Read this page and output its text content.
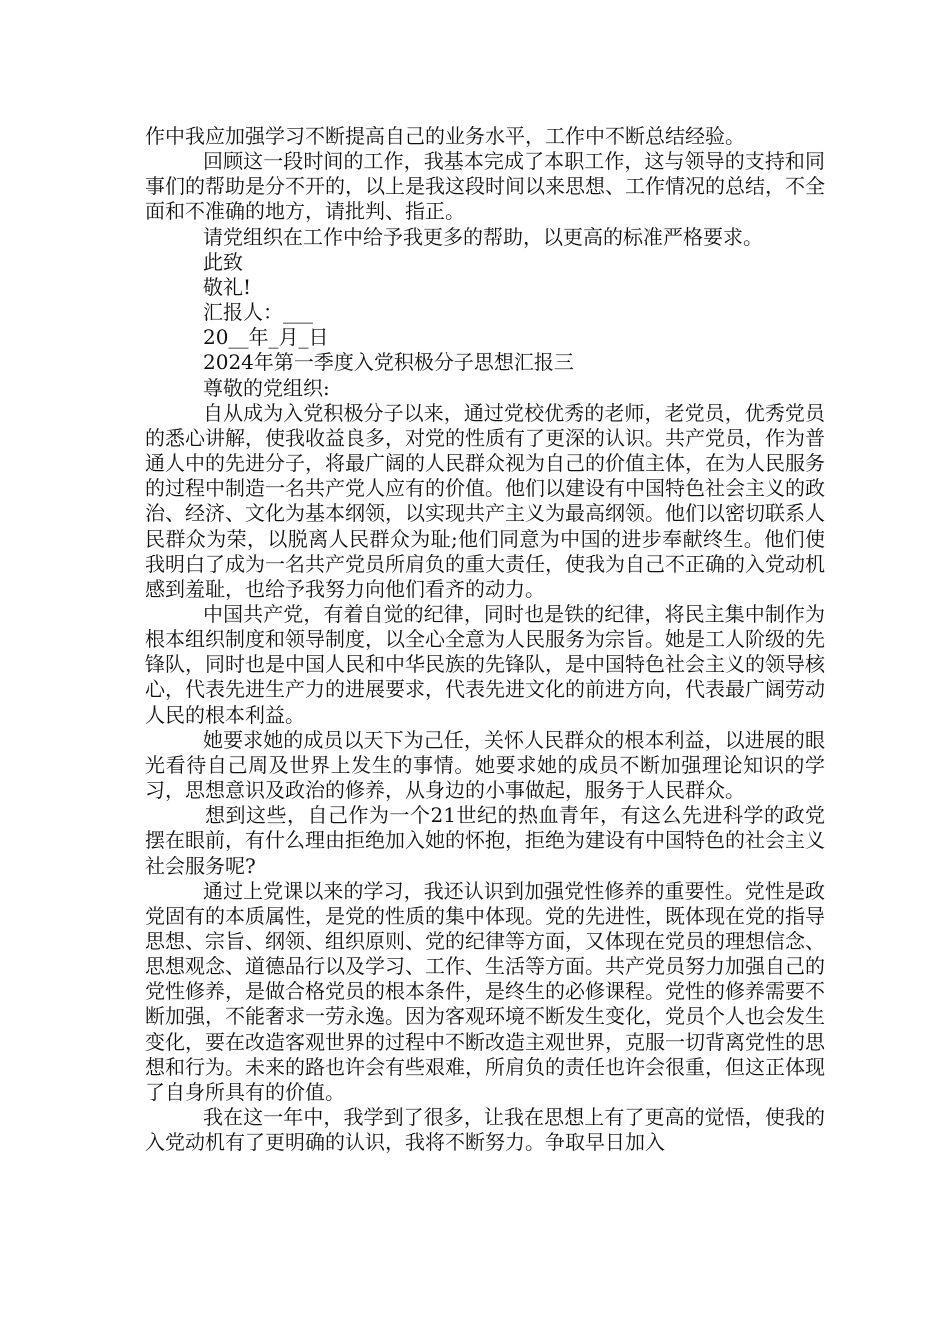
作中我应加强学习不断提高自己的业务水平，工作中不断总结经验。

回顾这一段时间的工作，我基本完成了本职工作，这与领导的支持和同事们的帮助是分不开的，以上是我这段时间以来思想、工作情况的总结，不全面和不准确的地方，请批判、指正。

请党组织在工作中给予我更多的帮助，以更高的标准严格要求。

此致

敬礼!

汇报人：___

20__年_月_日

2024年第一季度入党积极分子思想汇报三

尊敬的党组织:

自从成为入党积极分子以来，通过党校优秀的老师，老党员，优秀党员的悉心讲解，使我收益良多，对党的性质有了更深的认识。共产党员，作为普通人中的先进分子，将最广阔的人民群众视为自己的价值主体，在为人民服务的过程中制造一名共产党人应有的价值。他们以建设有中国特色社会主义的政治、经济、文化为基本纲领，以实现共产主义为最高纲领。他们以密切联系人民群众为荣，以脱离人民群众为耻;他们同意为中国的进步奉献终生。他们使我明白了成为一名共产党员所肩负的重大责任，使我为自己不正确的入党动机感到羞耻，也给予我努力向他们看齐的动力。

中国共产党，有着自觉的纪律，同时也是铁的纪律，将民主集中制作为根本组织制度和领导制度，以全心全意为人民服务为宗旨。她是工人阶级的先锋队，同时也是中国人民和中华民族的先锋队，是中国特色社会主义的领导核心，代表先进生产力的进展要求，代表先进文化的前进方向，代表最广阔劳动人民的根本利益。

她要求她的成员以天下为己任，关怀人民群众的根本利益，以进展的眼光看待自己周及世界上发生的事情。她要求她的成员不断加强理论知识的学习，思想意识及政治的修养，从身边的小事做起，服务于人民群众。

想到这些，自己作为一个21世纪的热血青年，有这么先进科学的政党摆在眼前，有什么理由拒绝加入她的怀抱，拒绝为建设有中国特色的社会主义社会服务呢?

通过上党课以来的学习，我还认识到加强党性修养的重要性。党性是政党固有的本质属性，是党的性质的集中体现。党的先进性，既体现在党的指导思想、宗旨、纲领、组织原则、党的纪律等方面，又体现在党员的理想信念、思想观念、道德品行以及学习、工作、生活等方面。共产党员努力加强自己的党性修养，是做合格党员的根本条件，是终生的必修课程。党性的修养需要不断加强，不能奢求一劳永逸。因为客观环境不断发生变化，党员个人也会发生变化，要在改造客观世界的过程中不断改造主观世界，克服一切背离党性的思想和行为。未来的路也许会有些艰难，所肩负的责任也许会很重，但这正体现了自身所具有的价值。

我在这一年中，我学到了很多，让我在思想上有了更高的觉悟，使我的入党动机有了更明确的认识，我将不断努力。争取早日加入
